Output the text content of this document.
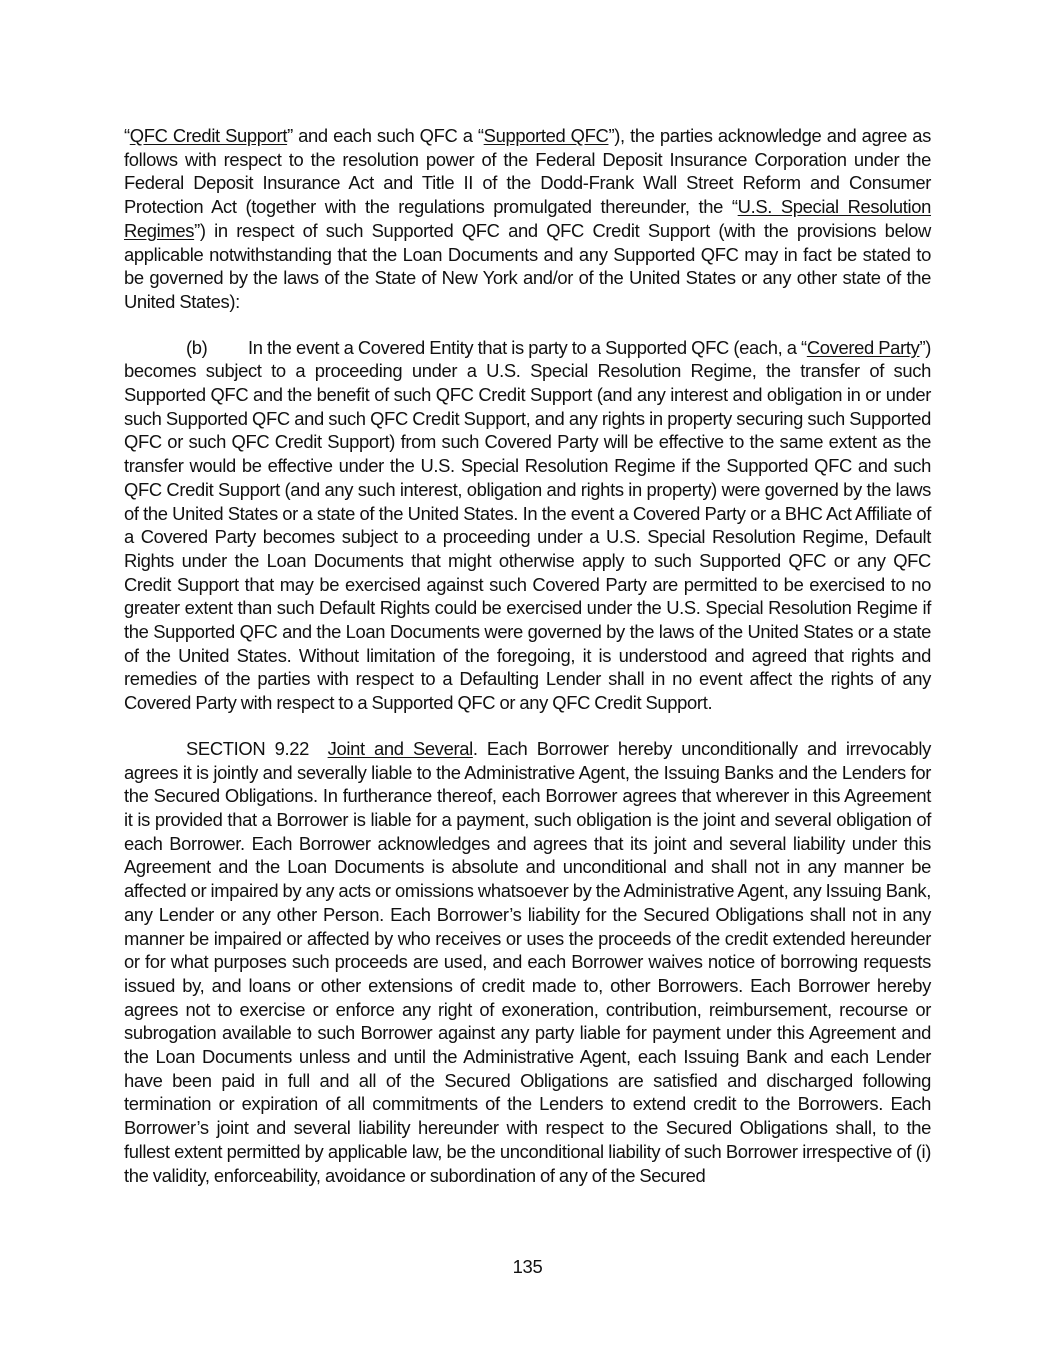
“QFC Credit Support” and each such QFC a “Supported QFC”), the parties acknowledge and agree as follows with respect to the resolution power of the Federal Deposit Insurance Corporation under the Federal Deposit Insurance Act and Title II of the Dodd-Frank Wall Street Reform and Consumer Protection Act (together with the regulations promulgated thereunder, the “U.S. Special Resolution Regimes”) in respect of such Supported QFC and QFC Credit Support (with the provisions below applicable notwithstanding that the Loan Documents and any Supported QFC may in fact be stated to be governed by the laws of the State of New York and/or of the United States or any other state of the United States):

(b) In the event a Covered Entity that is party to a Supported QFC (each, a “Covered Party”) becomes subject to a proceeding under a U.S. Special Resolution Regime, the transfer of such Supported QFC and the benefit of such QFC Credit Support (and any interest and obligation in or under such Supported QFC and such QFC Credit Support, and any rights in property securing such Supported QFC or such QFC Credit Support) from such Covered Party will be effective to the same extent as the transfer would be effective under the U.S. Special Resolution Regime if the Supported QFC and such QFC Credit Support (and any such interest, obligation and rights in property) were governed by the laws of the United States or a state of the United States. In the event a Covered Party or a BHC Act Affiliate of a Covered Party becomes subject to a proceeding under a U.S. Special Resolution Regime, Default Rights under the Loan Documents that might otherwise apply to such Supported QFC or any QFC Credit Support that may be exercised against such Covered Party are permitted to be exercised to no greater extent than such Default Rights could be exercised under the U.S. Special Resolution Regime if the Supported QFC and the Loan Documents were governed by the laws of the United States or a state of the United States. Without limitation of the foregoing, it is understood and agreed that rights and remedies of the parties with respect to a Defaulting Lender shall in no event affect the rights of any Covered Party with respect to a Supported QFC or any QFC Credit Support.

SECTION 9.22 Joint and Several. Each Borrower hereby unconditionally and irrevocably agrees it is jointly and severally liable to the Administrative Agent, the Issuing Banks and the Lenders for the Secured Obligations. In furtherance thereof, each Borrower agrees that wherever in this Agreement it is provided that a Borrower is liable for a payment, such obligation is the joint and several obligation of each Borrower. Each Borrower acknowledges and agrees that its joint and several liability under this Agreement and the Loan Documents is absolute and unconditional and shall not in any manner be affected or impaired by any acts or omissions whatsoever by the Administrative Agent, any Issuing Bank, any Lender or any other Person. Each Borrower’s liability for the Secured Obligations shall not in any manner be impaired or affected by who receives or uses the proceeds of the credit extended hereunder or for what purposes such proceeds are used, and each Borrower waives notice of borrowing requests issued by, and loans or other extensions of credit made to, other Borrowers. Each Borrower hereby agrees not to exercise or enforce any right of exoneration, contribution, reimbursement, recourse or subrogation available to such Borrower against any party liable for payment under this Agreement and the Loan Documents unless and until the Administrative Agent, each Issuing Bank and each Lender have been paid in full and all of the Secured Obligations are satisfied and discharged following termination or expiration of all commitments of the Lenders to extend credit to the Borrowers. Each Borrower’s joint and several liability hereunder with respect to the Secured Obligations shall, to the fullest extent permitted by applicable law, be the unconditional liability of such Borrower irrespective of (i) the validity, enforceability, avoidance or subordination of any of the Secured

135
